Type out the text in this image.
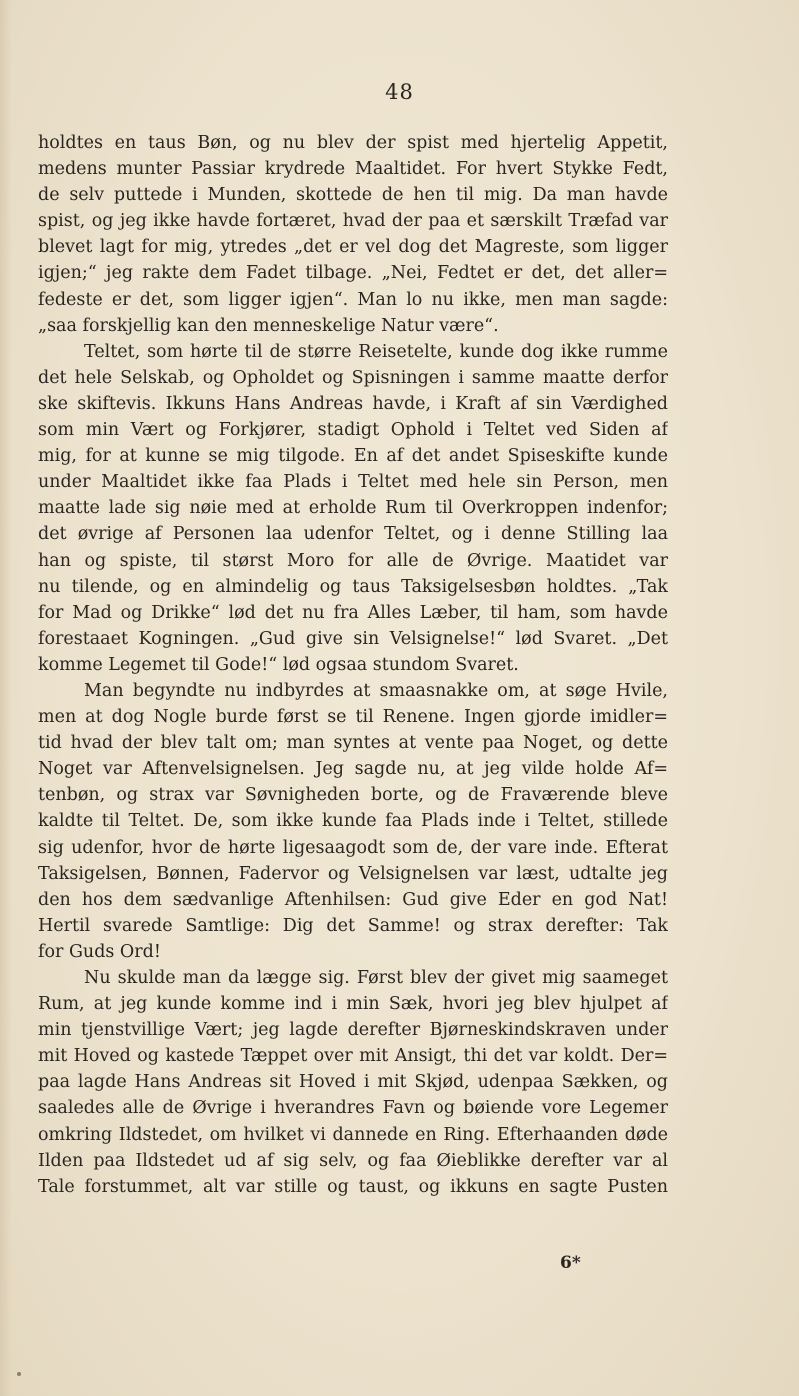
48
holdtes en taus Bøn, og nu blev der spist med hjertelig Appetit,
medens munter Passiar krydrede Maaltidet. For hvert Stykke Fedt,
de selv puttede i Munden, skottede de hen til mig. Da man havde
spist, og jeg ikke havde fortæret, hvad der paa et særskilt Træfad var
blevet lagt for mig, ytredes „det er vel dog det Magreste, som ligger
igjen;“ jeg rakte dem Fadet tilbage. „Nei, Fedtet er det, det aller=
fedeste er det, som ligger igjen“. Man lo nu ikke, men man sagde:
„saa forskjellig kan den menneskelige Natur være“.
Teltet, som hørte til de større Reisetelte, kunde dog ikke rumme
det hele Selskab, og Opholdet og Spisningen i samme maatte derfor
ske skiftevis. Ikkuns Hans Andreas havde, i Kraft af sin Værdighed
som min Vært og Forkjører, stadigt Ophold i Teltet ved Siden af
mig, for at kunne se mig tilgode. En af det andet Spiseskifte kunde
under Maaltidet ikke faa Plads i Teltet med hele sin Person, men
maatte lade sig nøie med at erholde Rum til Overkroppen indenfor;
det øvrige af Personen laa udenfor Teltet, og i denne Stilling laa
han og spiste, til størst Moro for alle de Øvrige. Maatidet var
nu tilende, og en almindelig og taus Taksigelsesbøn holdtes. „Tak
for Mad og Drikke“ lød det nu fra Alles Læber, til ham, som havde
forestaaet Kogningen. „Gud give sin Velsignelse!“ lød Svaret. „Det
komme Legemet til Gode!“ lød ogsaa stundom Svaret.
Man begyndte nu indbyrdes at smaasnakke om, at søge Hvile,
men at dog Nogle burde først se til Renene. Ingen gjorde imidler=
tid hvad der blev talt om; man syntes at vente paa Noget, og dette
Noget var Aftenvelsignelsen. Jeg sagde nu, at jeg vilde holde Af=
tenbøn, og strax var Søvnigheden borte, og de Fraværende bleve
kaldte til Teltet. De, som ikke kunde faa Plads inde i Teltet, stillede
sig udenfor, hvor de hørte ligesaagodt som de, der vare inde. Efterat
Taksigelsen, Bønnen, Fadervor og Velsignelsen var læst, udtalte jeg
den hos dem sædvanlige Aftenhilsen: Gud give Eder en god Nat!
Hertil svarede Samtlige: Dig det Samme! og strax derefter: Tak
for Guds Ord!
Nu skulde man da lægge sig. Først blev der givet mig saameget
Rum, at jeg kunde komme ind i min Sæk, hvori jeg blev hjulpet af
min tjenstvillige Vært; jeg lagde derefter Bjørneskindskraven under
mit Hoved og kastede Tæppet over mit Ansigt, thi det var koldt. Der=
paa lagde Hans Andreas sit Hoved i mit Skjød, udenpaa Sækken, og
saaledes alle de Øvrige i hverandres Favn og bøiende vore Legemer
omkring Ildstedet, om hvilket vi dannede en Ring. Efterhaanden døde
Ilden paa Ildstedet ud af sig selv, og faa Øieblikke derefter var al
Tale forstummet, alt var stille og taust, og ikkuns en sagte Pusten
6*
